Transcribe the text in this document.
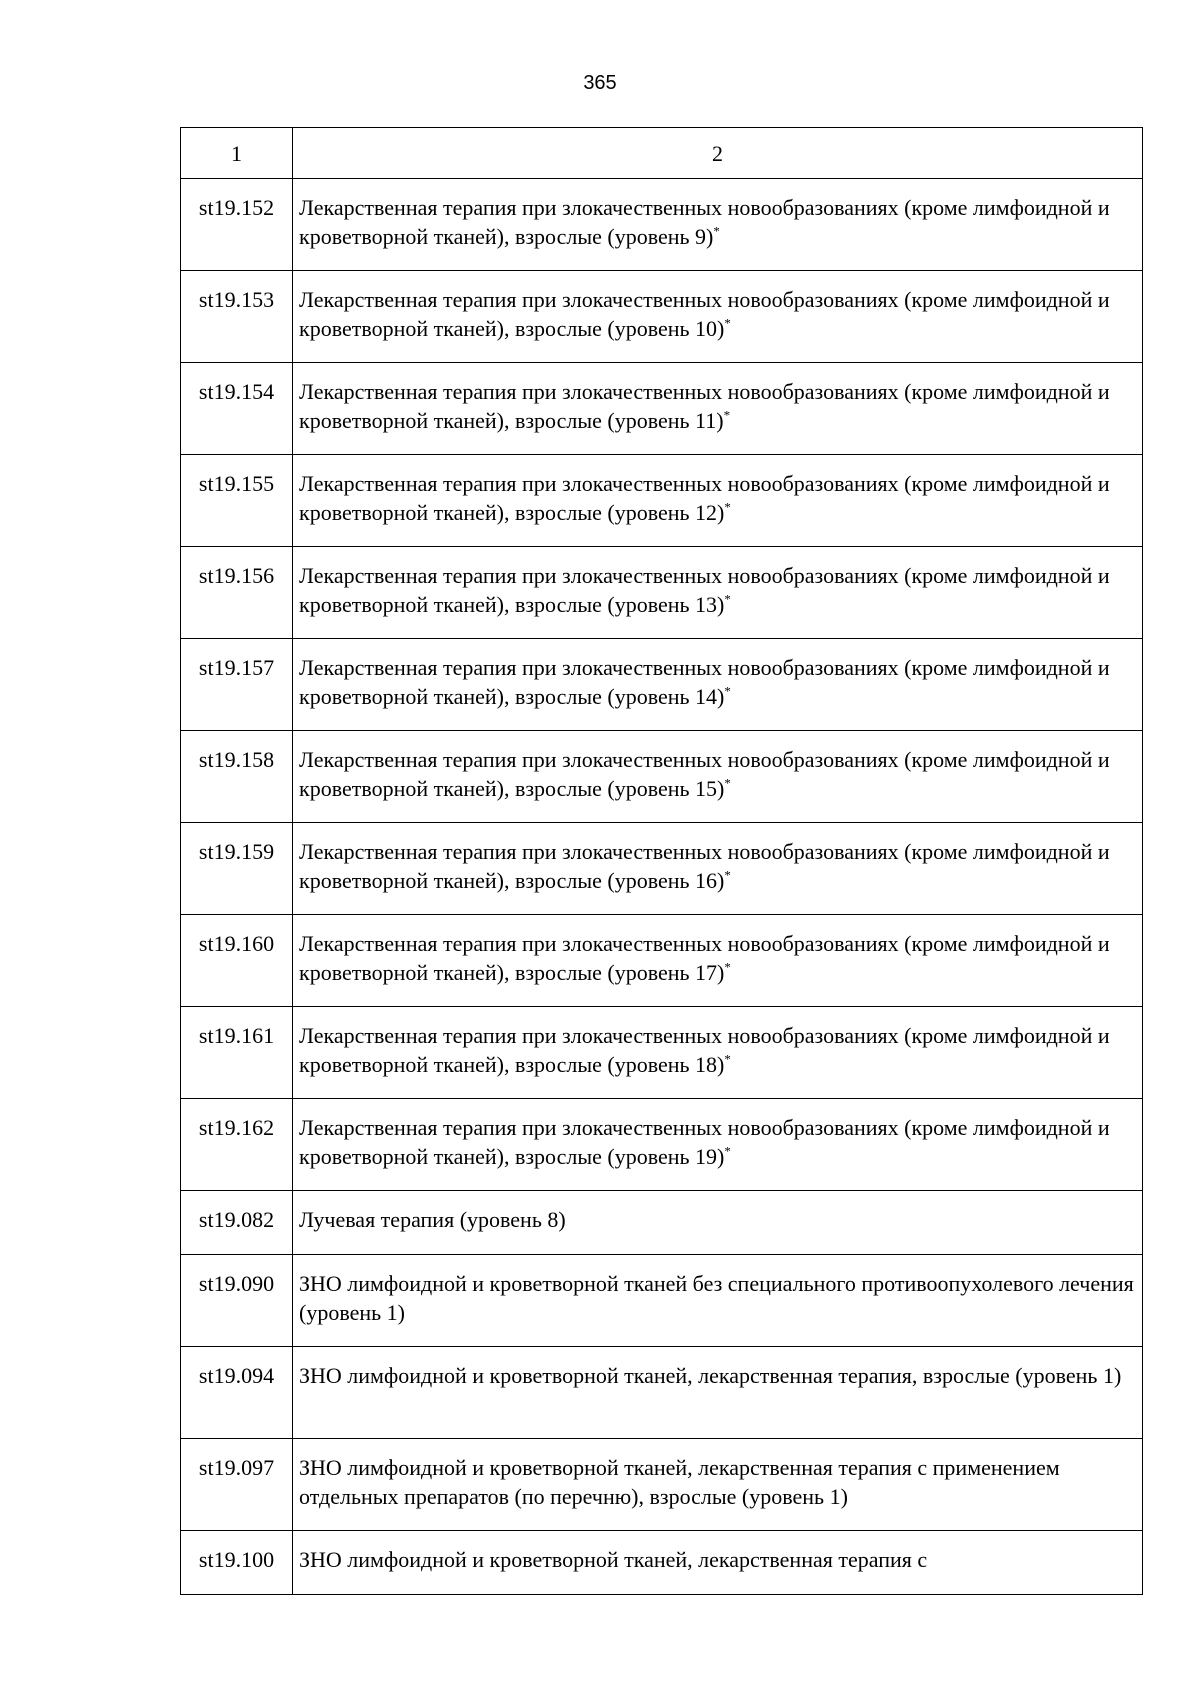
365
1	2
st19.152	Лекарственная терапия при злокачественных новообразованиях (кроме лимфоидной и кроветворной тканей), взрослые (уровень 9)*
st19.153	Лекарственная терапия при злокачественных новообразованиях (кроме лимфоидной и кроветворной тканей), взрослые (уровень 10)*
st19.154	Лекарственная терапия при злокачественных новообразованиях (кроме лимфоидной и кроветворной тканей), взрослые (уровень 11)*
st19.155	Лекарственная терапия при злокачественных новообразованиях (кроме лимфоидной и кроветворной тканей), взрослые (уровень 12)*
st19.156	Лекарственная терапия при злокачественных новообразованиях (кроме лимфоидной и кроветворной тканей), взрослые (уровень 13)*
st19.157	Лекарственная терапия при злокачественных новообразованиях (кроме лимфоидной и кроветворной тканей), взрослые (уровень 14)*
st19.158	Лекарственная терапия при злокачественных новообразованиях (кроме лимфоидной и кроветворной тканей), взрослые (уровень 15)*
st19.159	Лекарственная терапия при злокачественных новообразованиях (кроме лимфоидной и кроветворной тканей), взрослые (уровень 16)*
st19.160	Лекарственная терапия при злокачественных новообразованиях (кроме лимфоидной и кроветворной тканей), взрослые (уровень 17)*
st19.161	Лекарственная терапия при злокачественных новообразованиях (кроме лимфоидной и кроветворной тканей), взрослые (уровень 18)*
st19.162	Лекарственная терапия при злокачественных новообразованиях (кроме лимфоидной и кроветворной тканей), взрослые (уровень 19)*
st19.082	Лучевая терапия (уровень 8)
st19.090	ЗНО лимфоидной и кроветворной тканей без специального противоопухолевого лечения (уровень 1)
st19.094	ЗНО лимфоидной и кроветворной тканей, лекарственная терапия, взрослые (уровень 1)
st19.097	ЗНО лимфоидной и кроветворной тканей, лекарственная терапия с применением отдельных препаратов (по перечню), взрослые (уровень 1)
st19.100	ЗНО лимфоидной и кроветворной тканей, лекарственная терапия с
